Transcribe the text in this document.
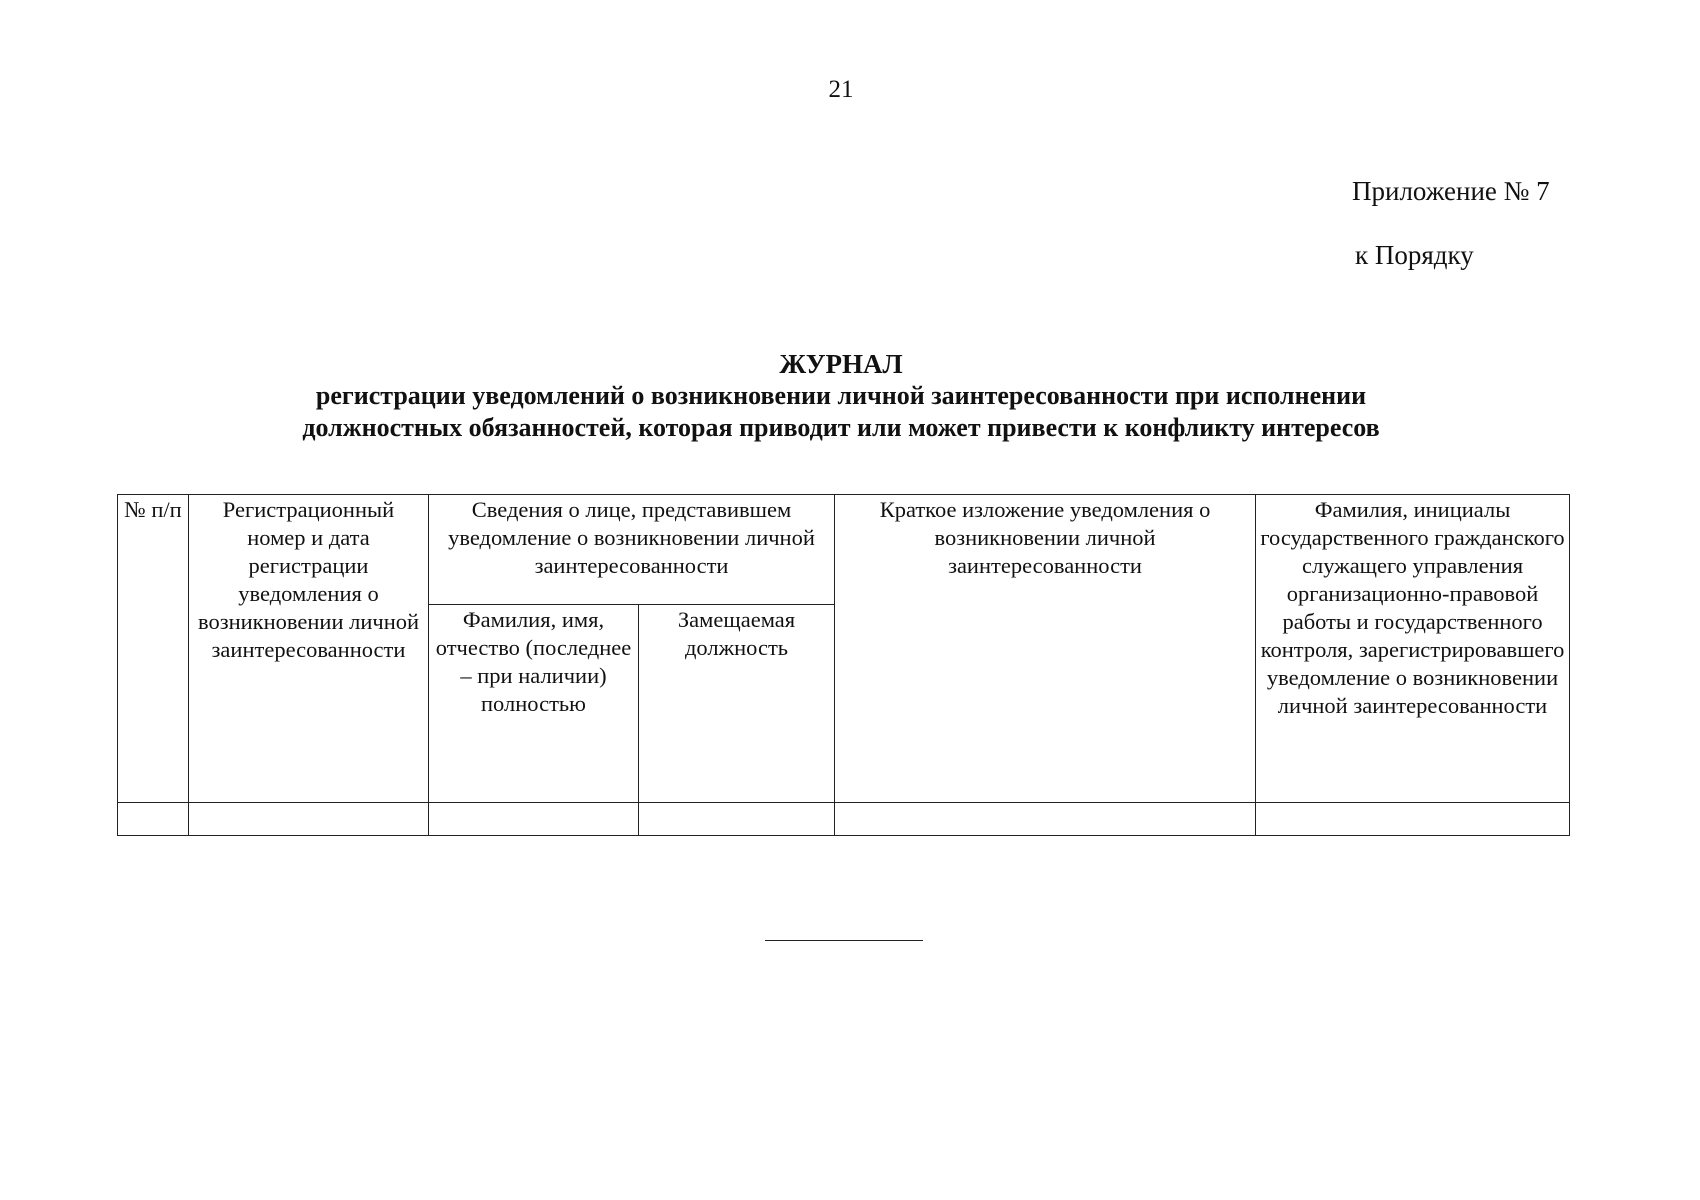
21
Приложение № 7
к Порядку
ЖУРНАЛ
регистрации уведомлений о возникновении личной заинтересованности при исполнении
должностных обязанностей, которая приводит или может привести к конфликту интересов
№ п/п	Регистрационный номер и дата регистрации уведомления о возникновении личной заинтересованности	Сведения о лице, представившем уведомление о возникновении личной заинтересованности		Краткое изложение уведомления о возникновении личной заинтересованности	Фамилия, инициалы государственного гражданского служащего управления организационно-правовой работы и государственного контроля, зарегистрировавшего уведомление о возникновении личной заинтересованности
		Фамилия, имя, отчество (последнее – при наличии) полностью	Замещаемая должность		
